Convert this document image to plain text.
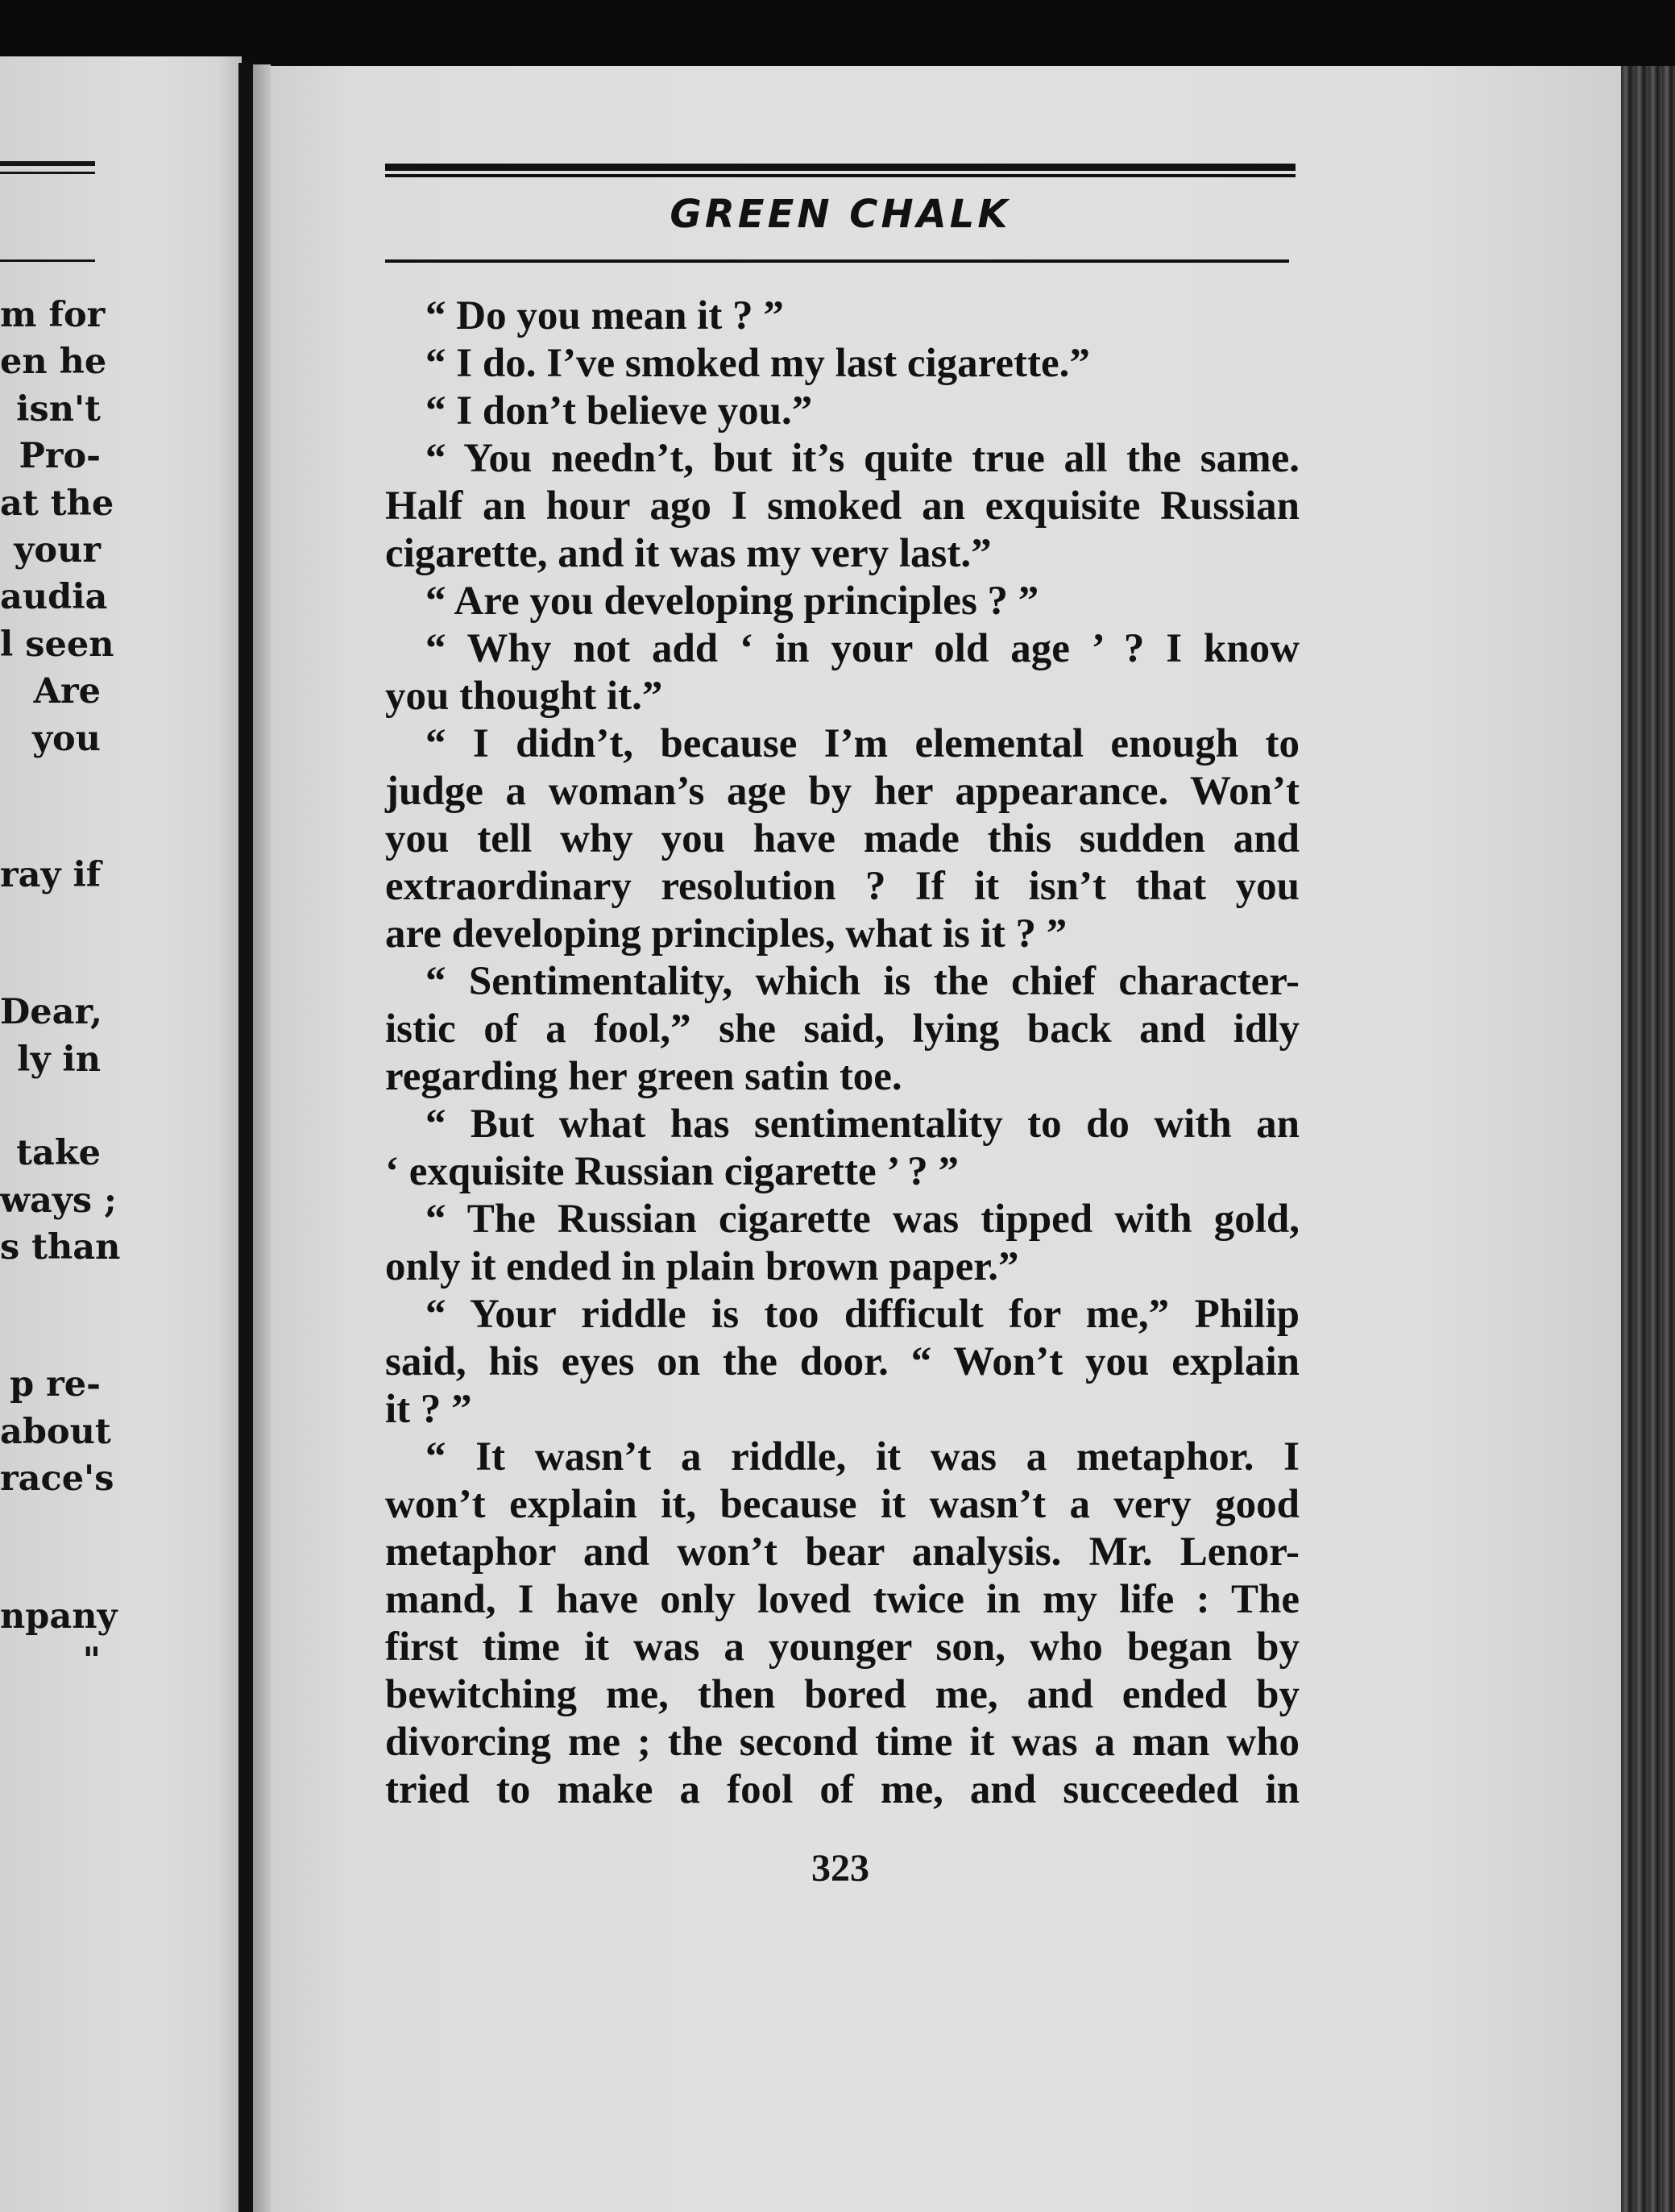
m for
en he
isn't
Pro-
at the
your
audia
l seen
Are
you
ray if
Dear,
ly in
take
ways ;
s than
p re-
about
race's
npany
"
GREEN CHALK
“ Do you mean it ? ”
“ I do. I’ve smoked my last cigarette.”
“ I don’t believe you.”
“ You needn’t, but it’s quite true all the same.
Half an hour ago I smoked an exquisite Russian
cigarette, and it was my very last.”
“ Are you developing principles ? ”
“ Why not add ‘ in your old age ’ ? I know
you thought it.”
“ I didn’t, because I’m elemental enough to
judge a woman’s age by her appearance. Won’t
you tell why you have made this sudden and
extraordinary resolution ? If it isn’t that you
are developing principles, what is it ? ”
“ Sentimentality, which is the chief character-
istic of a fool,” she said, lying back and idly
regarding her green satin toe.
“ But what has sentimentality to do with an
‘ exquisite Russian cigarette ’ ? ”
“ The Russian cigarette was tipped with gold,
only it ended in plain brown paper.”
“ Your riddle is too difficult for me,” Philip
said, his eyes on the door. “ Won’t you explain
it ? ”
“ It wasn’t a riddle, it was a metaphor. I
won’t explain it, because it wasn’t a very good
metaphor and won’t bear analysis. Mr. Lenor-
mand, I have only loved twice in my life : The
first time it was a younger son, who began by
bewitching me, then bored me, and ended by
divorcing me ; the second time it was a man who
tried to make a fool of me, and succeeded in
323
